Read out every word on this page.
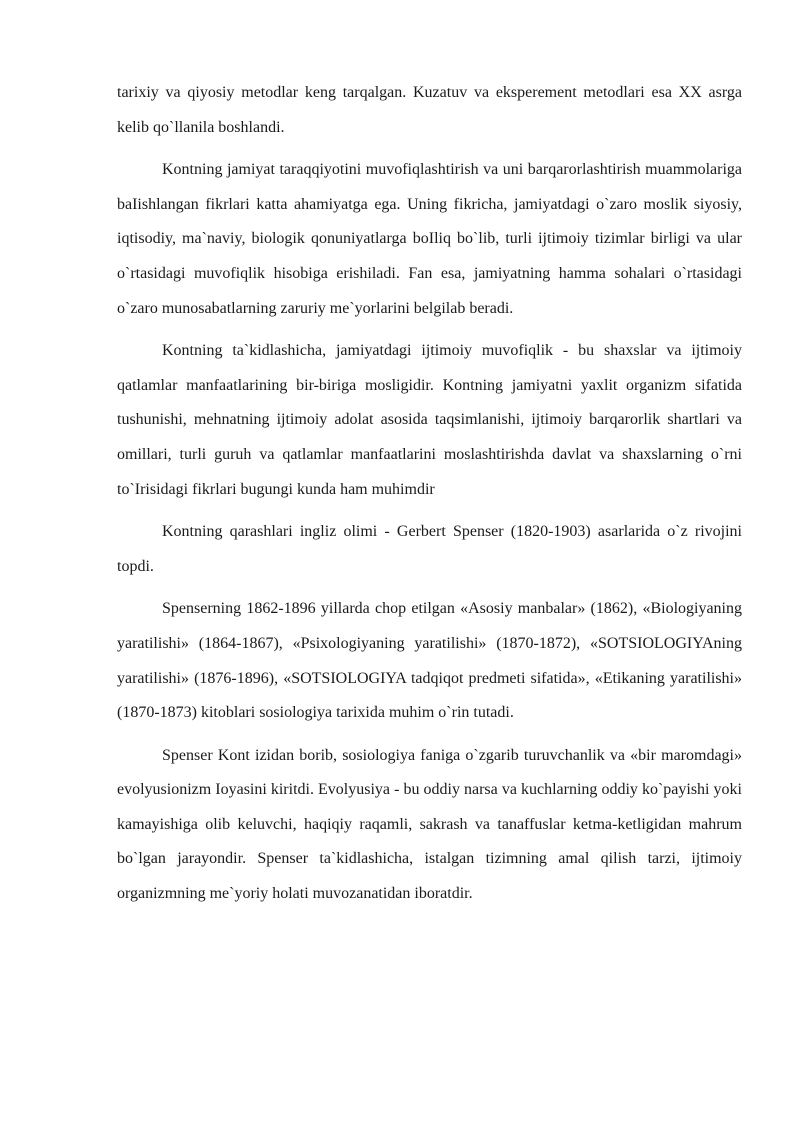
tarixiy va qiyosiy metodlar keng tarqalgan. Kuzatuv va eksperement metodlari esa XX asrga kelib qo`llanila boshlandi.

Kontning jamiyat taraqqiyotini muvofiqlashtirish va uni barqarorlashtirish muammolariga baIishlangan fikrlari katta ahamiyatga ega. Uning fikricha, jamiyatdagi o`zaro moslik siyosiy, iqtisodiy, ma`naviy, biologik qonuniyatlarga boIliq bo`lib, turli ijtimoiy tizimlar birligi va ular o`rtasidagi muvofiqlik hisobiga erishiladi. Fan esa, jamiyatning hamma sohalari o`rtasidagi o`zaro munosabatlarning zaruriy me`yorlarini belgilab beradi.

Kontning ta`kidlashicha, jamiyatdagi ijtimoiy muvofiqlik - bu shaxslar va ijtimoiy qatlamlar manfaatlarining bir-biriga mosligidir. Kontning jamiyatni yaxlit organizm sifatida tushunishi, mehnatning ijtimoiy adolat asosida taqsimlanishi, ijtimoiy barqarorlik shartlari va omillari, turli guruh va qatlamlar manfaatlarini moslashtirishda davlat va shaxslarning o`rni to`Irisidagi fikrlari bugungi kunda ham muhimdir

Kontning qarashlari ingliz olimi - Gerbert Spenser (1820-1903) asarlarida o`z rivojini topdi.

Spenserning 1862-1896 yillarda chop etilgan «Asosiy manbalar» (1862), «Biologiyaning yaratilishi» (1864-1867), «Psixologiyaning yaratilishi» (1870-1872), «SOTSIOLOGIYAning yaratilishi» (1876-1896), «SOTSIOLOGIYA tadqiqot predmeti sifatida», «Etikaning yaratilishi» (1870-1873) kitoblari sosiologiya tarixida muhim o`rin tutadi.

Spenser Kont izidan borib, sosiologiya faniga o`zgarib turuvchanlik va «bir maromdagi» evolyusionizm Ioyasini kiritdi. Evolyusiya - bu oddiy narsa va kuchlarning oddiy ko`payishi yoki kamayishiga olib keluvchi, haqiqiy raqamli, sakrash va tanaffuslar ketma-ketligidan mahrum bo`lgan jarayondir. Spenser ta`kidlashicha, istalgan tizimning amal qilish tarzi, ijtimoiy organizmning me`yoriy holati muvozanatidan iboratdir.
